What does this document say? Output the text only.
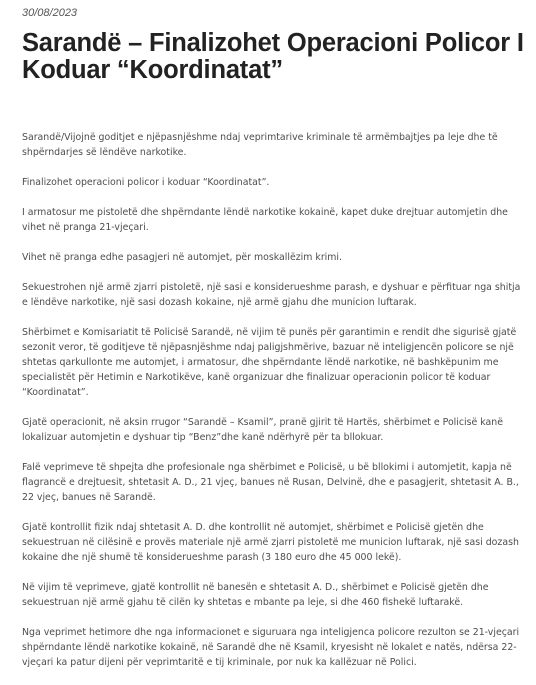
30/08/2023
Sarandë – Finalizohet Operacioni Policor I Koduar “Koordinatat”

Sarandë/Vijojnë goditjet e njëpasnjëshme ndaj veprimtarive kriminale të armëmbajtjes pa leje dhe të shpërndarjes së lëndëve narkotike.

Finalizohet operacioni policor i koduar “Koordinatat”.

I armatosur me pistoletë dhe shpërndante lëndë narkotike kokainë, kapet duke drejtuar automjetin dhe vihet në pranga 21-vjeçari.

Vihet në pranga edhe pasagjeri në automjet, për moskallëzim krimi.

Sekuestrohen një armë zjarri pistoletë, një sasi e konsiderueshme parash, e dyshuar e përfituar nga shitja e lëndëve narkotike, një sasi dozash kokaine, një armë gjahu dhe municion luftarak.

Shërbimet e Komisariatit të Policisë Sarandë, në vijim të punës për garantimin e rendit dhe sigurisë gjatë sezonit veror, të goditjeve të njëpasnjëshme ndaj paligjshmërive, bazuar në inteligjencën policore se një shtetas qarkullonte me automjet, i armatosur, dhe shpërndante lëndë narkotike, në bashkëpunim me specialistët për Hetimin e Narkotikëve, kanë organizuar dhe finalizuar operacionin policor të koduar “Koordinatat”.

Gjatë operacionit, në aksin rrugor “Sarandë – Ksamil”, pranë gjirit të Hartës, shërbimet e Policisë kanë lokalizuar automjetin e dyshuar tip “Benz”dhe kanë ndërhyrë për ta bllokuar.

Falë veprimeve të shpejta dhe profesionale nga shërbimet e Policisë, u bë bllokimi i automjetit, kapja në flagrancë e drejtuesit, shtetasit A. D., 21 vjeç, banues në Rusan, Delvinë, dhe e pasagjerit, shtetasit A. B., 22 vjeç, banues në Sarandë.

Gjatë kontrollit fizik ndaj shtetasit A. D. dhe kontrollit në automjet, shërbimet e Policisë gjetën dhe sekuestruan në cilësinë e provës materiale një armë zjarri pistoletë me municion luftarak, një sasi dozash kokaine dhe një shumë të konsiderueshme parash (3 180 euro dhe 45 000 lekë).

Në vijim të veprimeve, gjatë kontrollit në banesën e shtetasit A. D., shërbimet e Policisë gjetën dhe sekuestruan një armë gjahu të cilën ky shtetas e mbante pa leje, si dhe 460 fishekë luftarakë.

Nga veprimet hetimore dhe nga informacionet e siguruara nga inteligjenca policore rezulton se 21-vjeçari shpërndante lëndë narkotike kokainë, në Sarandë dhe në Ksamil, kryesisht në lokalet e natës, ndërsa 22-vjeçari ka patur dijeni për veprimtaritë e tij kriminale, por nuk ka kallëzuar në Polici.
